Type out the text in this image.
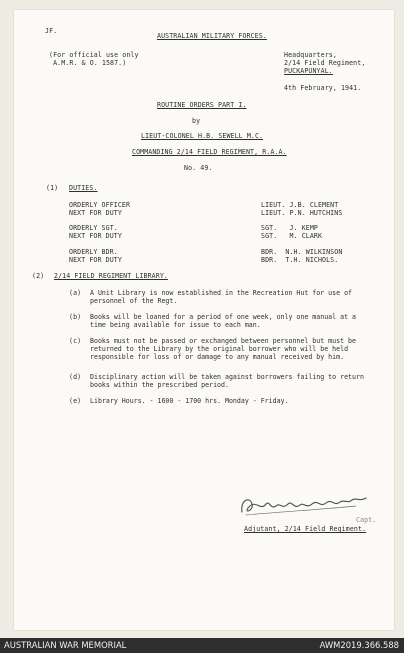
JF.
AUSTRALIAN MILITARY FORCES.
(For official use only
A.M.R. & O. 1587.)
Headquarters,
2/14 Field Regiment,
PUCKAPUNYAL.
4th February, 1941.
ROUTINE ORDERS PART I.
by
LIEUT-COLONEL H.B. SEWELL M.C.
COMMANDING 2/14 FIELD REGIMENT, R.A.A.
No. 49.
(1) DUTIES.
ORDERLY OFFICER	LIEUT. J.B. CLEMENT
NEXT FOR DUTY	LIEUT. P.N. HUTCHINS
ORDERLY SGT.	SGT.   J. KEMP
NEXT FOR DUTY	SGT.   M. CLARK
ORDERLY BDR.	BDR.  N.H. WILKINSON
NEXT FOR DUTY	BDR.  T.H. NICHOLS.
(2) 2/14 FIELD REGIMENT LIBRARY.
(a) A Unit Library is now established in the Recreation Hut for use of personnel of the Regt.
(b) Books will be loaned for a period of one week, only one manual at a time being available for issue to each man.
(c) Books must not be passed or exchanged between personnel but must be returned to the Library by the original borrower who will be held responsible for loss of or damage to any manual received by him.
(d) Disciplinary action will be taken against borrowers failing to return books within the prescribed period.
(e) Library Hours. - 1600 - 1700 hrs. Monday - Friday.
Capt.
Adjutant, 2/14 Field Regiment.
AUSTRALIAN WAR MEMORIAL	AWM2019.366.588
